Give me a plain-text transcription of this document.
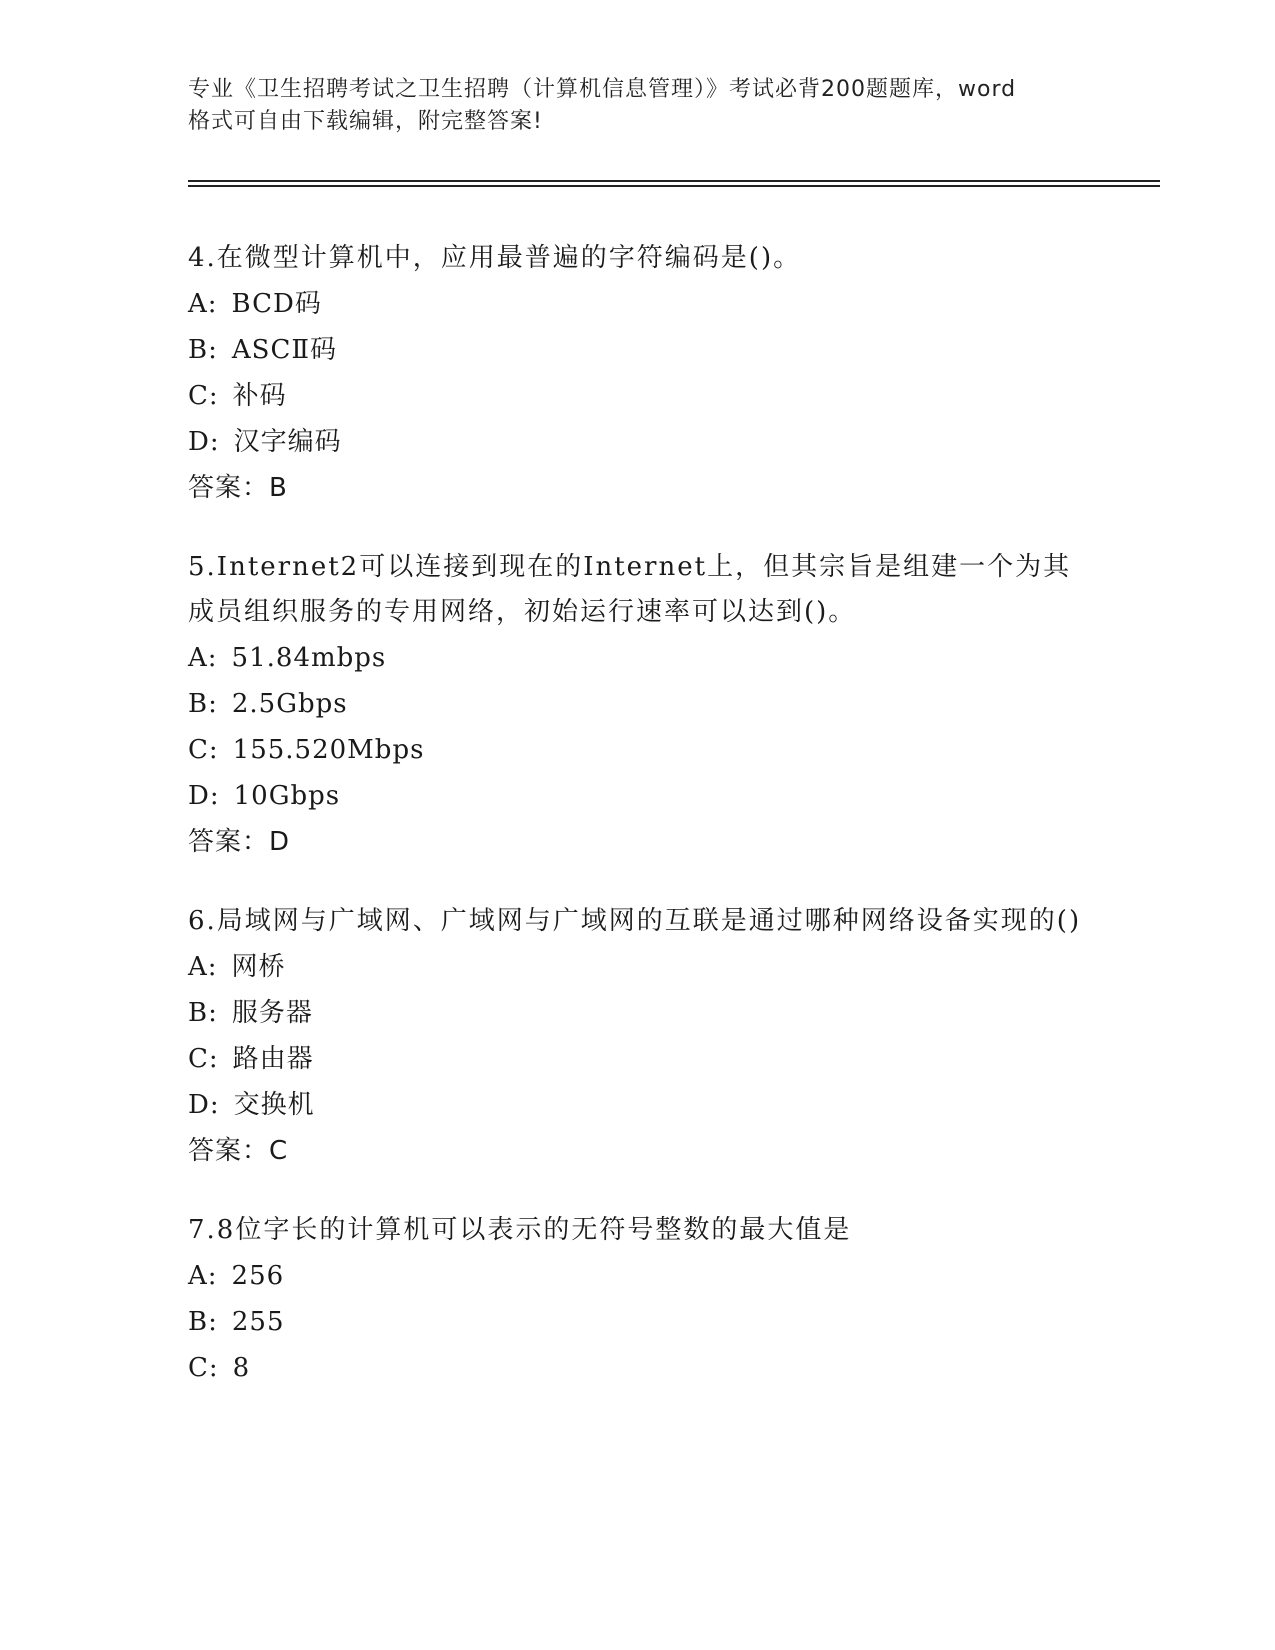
专业《卫生招聘考试之卫生招聘（计算机信息管理）》考试必背200题题库，word
格式可自由下载编辑，附完整答案!
4.在微型计算机中，应用最普遍的字符编码是()。
A: BCD码
B: ASCⅡ码
C: 补码
D: 汉字编码
答案：B
5.Internet2可以连接到现在的Internet上，但其宗旨是组建一个为其成员组织服务的专用网络，初始运行速率可以达到()。
A: 51.84mbps
B: 2.5Gbps
C: 155.520Mbps
D: 10Gbps
答案：D
6.局域网与广域网、广域网与广域网的互联是通过哪种网络设备实现的()
A: 网桥
B: 服务器
C: 路由器
D: 交换机
答案：C
7.8位字长的计算机可以表示的无符号整数的最大值是
A: 256
B: 255
C: 8
